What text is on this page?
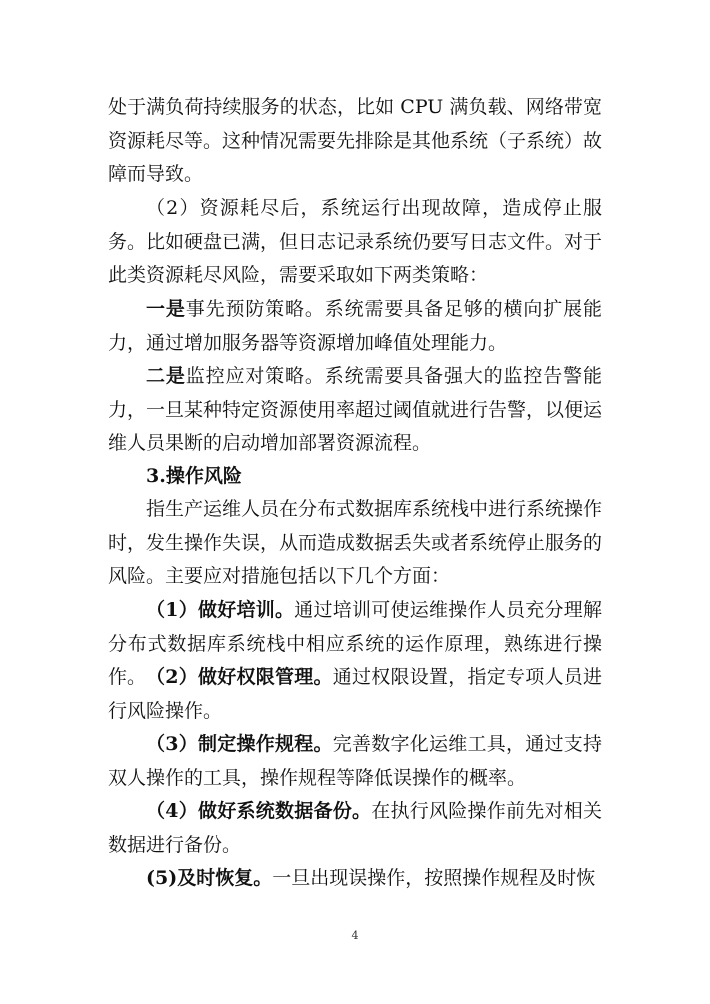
处于满负荷持续服务的状态，比如 CPU 满负载、网络带宽资源耗尽等。这种情况需要先排除是其他系统（子系统）故障而导致。

（2）资源耗尽后，系统运行出现故障，造成停止服务。比如硬盘已满，但日志记录系统仍要写日志文件。对于此类资源耗尽风险，需要采取如下两类策略：

一是事先预防策略。系统需要具备足够的横向扩展能力，通过增加服务器等资源增加峰值处理能力。

二是监控应对策略。系统需要具备强大的监控告警能力，一旦某种特定资源使用率超过阈值就进行告警，以便运维人员果断的启动增加部署资源流程。

3.操作风险

指生产运维人员在分布式数据库系统栈中进行系统操作时，发生操作失误，从而造成数据丢失或者系统停止服务的风险。主要应对措施包括以下几个方面：

（1）做好培训。通过培训可使运维操作人员充分理解分布式数据库系统栈中相应系统的运作原理，熟练进行操作。 （2）做好权限管理。通过权限设置，指定专项人员进行风险操作。

（3）制定操作规程。完善数字化运维工具，通过支持双人操作的工具，操作规程等降低误操作的概率。

（4）做好系统数据备份。在执行风险操作前先对相关数据进行备份。

(5)及时恢复。一旦出现误操作，按照操作规程及时恢

4
